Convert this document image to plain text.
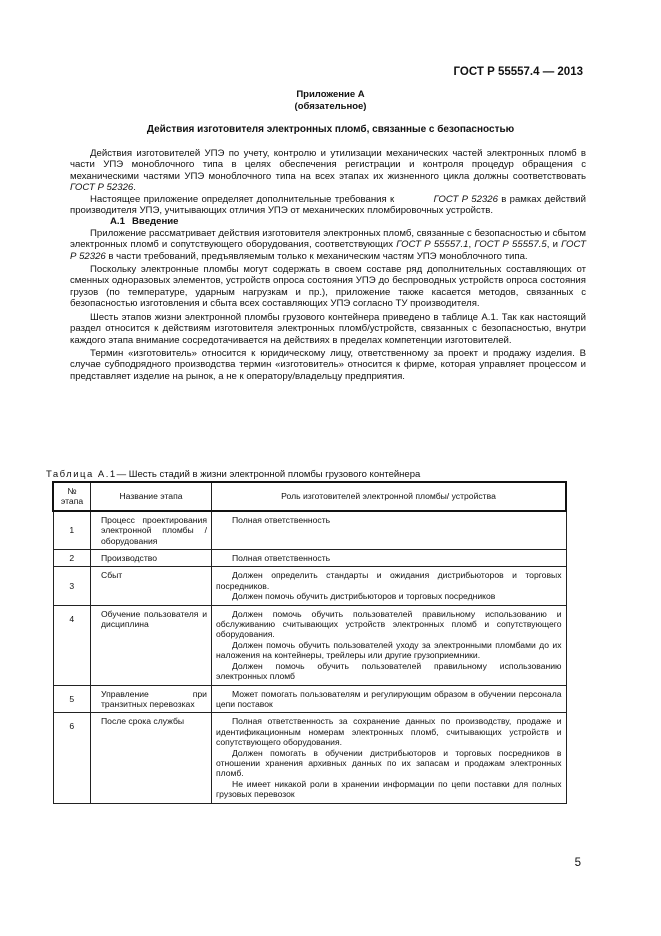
ГОСТ Р 55557.4 — 2013
Приложение А
(обязательное)
Действия изготовителя электронных пломб, связанные с безопасностью

Действия изготовителей УПЭ по учету, контролю и утилизации механических частей электронных пломб в части УПЭ моноблочного типа в целях обеспечения регистрации и контроля процедур обращения с механическими частями УПЭ моноблочного типа на всех этапах их жизненного цикла должны соответствовать ГОСТ Р 52326.

Настоящее приложение определяет дополнительные требования к	ГОСТ Р 52326 в рамках действий производителя УПЭ, учитывающих отличия УПЭ от механических пломбировочных устройств.

А.1 Введение

Приложение рассматривает действия изготовителя электронных пломб, связанные с безопасностью и сбытом электронных пломб и сопутствующего оборудования, соответствующих ГОСТ Р 55557.1, ГОСТ Р 55557.5, и ГОСТ Р 52326 в части требований, предъявляемым только к механическим частям УПЭ моноблочного типа.

Поскольку электронные пломбы могут содержать в своем составе ряд дополнительных составляющих от сменных одноразовых элементов, устройств опроса состояния УПЭ до беспроводных устройств опроса состояния грузов (по температуре, ударным нагрузкам и пр.), приложение также касается методов, связанных с безопасностью изготовления и сбыта всех составляющих УПЭ согласно ТУ производителя.

Шесть этапов жизни электронной пломбы грузового контейнера приведено в таблице А.1. Так как настоящий раздел относится к действиям изготовителя электронных пломб/устройств, связанных с безопасностью, внутри каждого этапа внимание сосредотачивается на действиях в пределах компетенции изготовителей.

Термин «изготовитель» относится к юридическому лицу, ответственному за проект и продажу изделия. В случае субподрядного производства термин «изготовитель» относится к фирме, которая управляет процессом и представляет изделие на рынок, а не к оператору/владельцу предприятия.

Таблица А.1— Шесть стадий в жизни электронной пломбы грузового контейнера
№ этапа	Название этапа	Роль изготовителей электронной пломбы/ устройства
1	Процесс проектирования электронной пломбы / оборудования	Полная ответственность

2	Производство	Полная ответственность

3	Сбыт	Должен определить стандарты и ожидания дистрибьюторов и торговых посредников.
Должен помочь обучить дистрибьюторов и торговых посредников

4	Обучение пользователя и дисциплина	Должен помочь обучить пользователей правильному использованию и обслуживанию считывающих устройств электронных пломб и сопутствующего оборудования.
Должен помочь обучить пользователей уходу за электронными пломбами до их наложения на контейнеры, трейлеры или другие грузоприемники.
Должен помочь обучить пользователей правильному использованию электронных пломб

5	Управление при транзитных перевозках	Может помогать пользователям и регулирующим образом в обучении персонала цепи поставок

6	После срока службы	Полная ответственность за сохранение данных по производству, продаже и идентификационным номерам электронных пломб, считывающих устройств и сопутствующего оборудования.
Должен помогать в обучении дистрибьюторов и торговых посредников в отношении хранения архивных данных по их запасам и продажам электронных пломб.
Не имеет никакой роли в хранении информации по цепи поставки для полных грузовых перевозок
5
